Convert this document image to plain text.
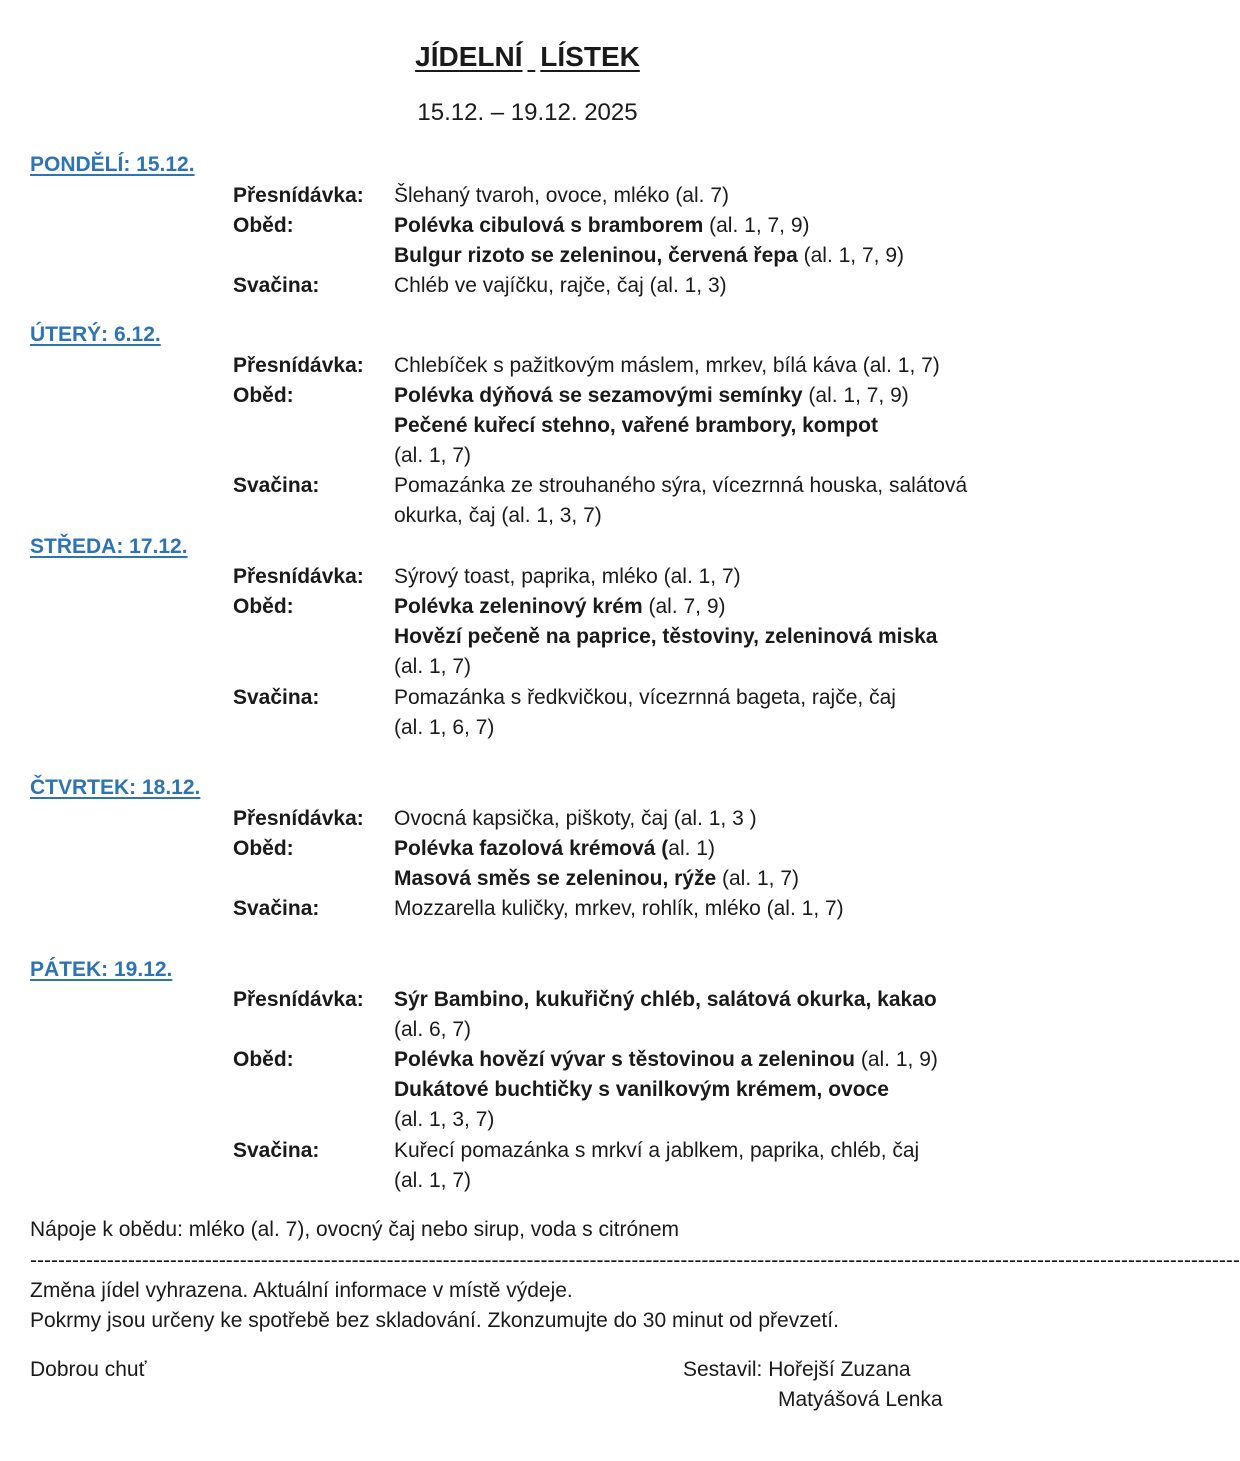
JÍDELNÍ LÍSTEK
15.12. – 19.12. 2025
PONDĚLÍ: 15.12.
Přesnídávka: Šlehaný tvaroh, ovoce, mléko (al. 7)
Oběd:	Polévka cibulová s bramborem (al. 1, 7, 9)
Bulgur rizoto se zeleninou, červená řepa (al. 1, 7, 9)
Svačina:	Chléb ve vajíčku, rajče, čaj (al. 1, 3)
ÚTERÝ: 6.12.
Přesnídávka: Chlebíček s pažitkovým máslem, mrkev, bílá káva (al. 1, 7)
Oběd:	Polévka dýňová se sezamovými semínky (al. 1, 7, 9)
Pečené kuřecí stehno, vařené brambory, kompot
(al. 1, 7)
Svačina:	Pomazánka ze strouhaného sýra, vícezrnná houska, salátová
okurka, čaj (al. 1, 3, 7)
STŘEDA: 17.12.
Přesnídávka: Sýrový toast, paprika, mléko (al. 1, 7)
Oběd:	Polévka zeleninový krém (al. 7, 9)
Hovězí pečeně na paprice, těstoviny, zeleninová miska
(al. 1, 7)
Svačina:	Pomazánka s ředkvičkou, vícezrnná bageta, rajče, čaj
(al. 1, 6, 7)
ČTVRTEK: 18.12.
Přesnídávka: Ovocná kapsička, piškoty, čaj (al. 1, 3 )
Oběd:	Polévka fazolová krémová (al. 1)
Masová směs se zeleninou, rýže (al. 1, 7)
Svačina:	Mozzarella kuličky, mrkev, rohlík, mléko (al. 1, 7)
PÁTEK: 19.12.
Přesnídávka: Sýr Bambino, kukuřičný chléb, salátová okurka, kakao
(al. 6, 7)
Oběd:	Polévka hovězí vývar s těstovinou a zeleninou (al. 1, 9)
Dukátové buchtičky s vanilkovým krémem, ovoce
(al. 1, 3, 7)
Svačina:	Kuřecí pomazánka s mrkví a jablkem, paprika, chléb, čaj
(al. 1, 7)
Nápoje k obědu: mléko (al. 7), ovocný čaj nebo sirup, voda s citrónem
-----------------------------------------------------------------------------------------------------------------------------------------------------------------------------
Změna jídel vyhrazena. Aktuální informace v místě výdeje.
Pokrmy jsou určeny ke spotřebě bez skladování. Zkonzumujte do 30 minut od převzetí.
Dobrou chuť	Sestavil: Hořejší Zuzana
Matyášová Lenka
